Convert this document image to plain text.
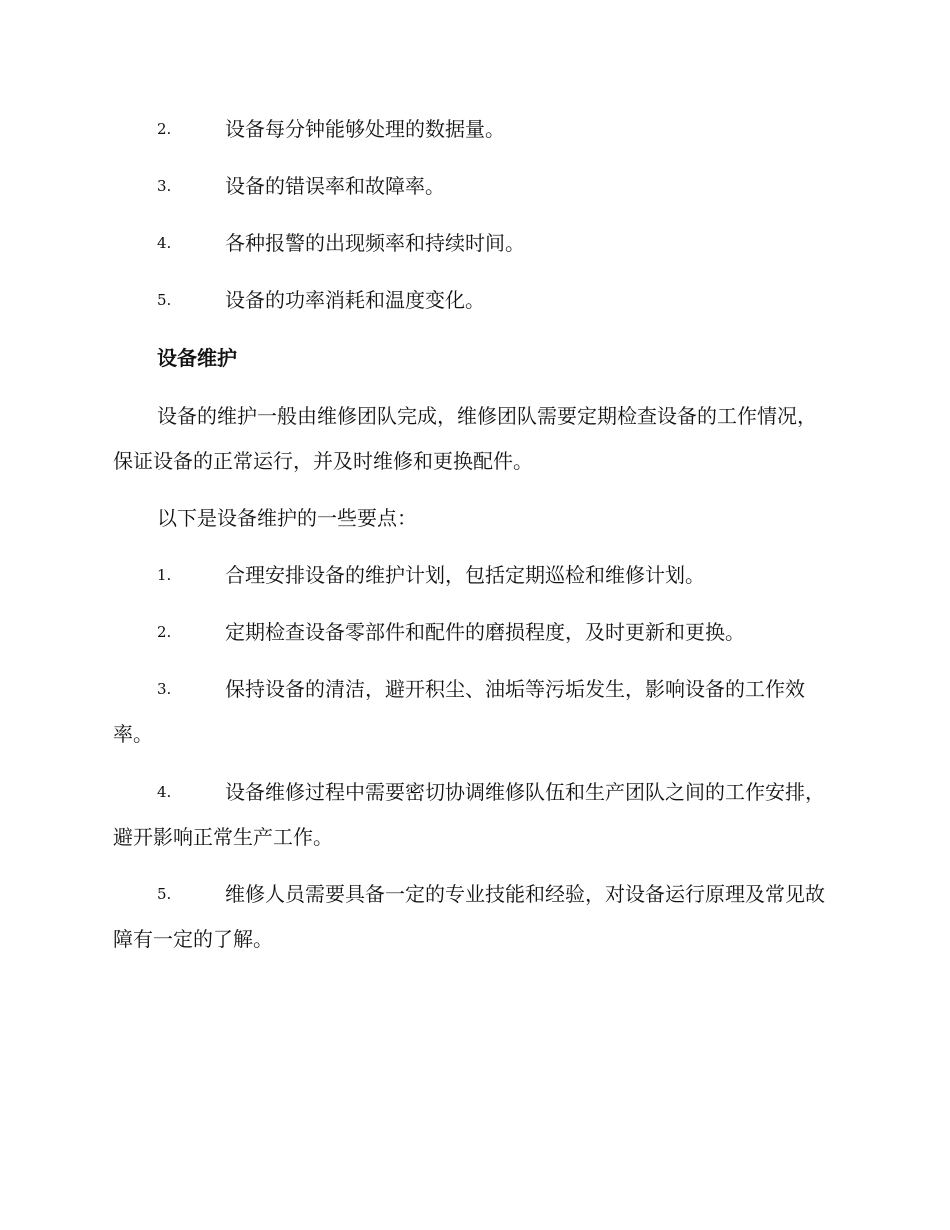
2.	设备每分钟能够处理的数据量。
3.	设备的错误率和故障率。
4.	各种报警的出现频率和持续时间。
5.	设备的功率消耗和温度变化。
设备维护
设备的维护一般由维修团队完成，维修团队需要定期检查设备的工作情况，保证设备的正常运行，并及时维修和更换配件。
以下是设备维护的一些要点：
1.	合理安排设备的维护计划，包括定期巡检和维修计划。
2.	定期检查设备零部件和配件的磨损程度，及时更新和更换。
3.	保持设备的清洁，避开积尘、油垢等污垢发生，影响设备的工作效率。
4.	设备维修过程中需要密切协调维修队伍和生产团队之间的工作安排，避开影响正常生产工作。
5.	维修人员需要具备一定的专业技能和经验，对设备运行原理及常见故障有一定的了解。
